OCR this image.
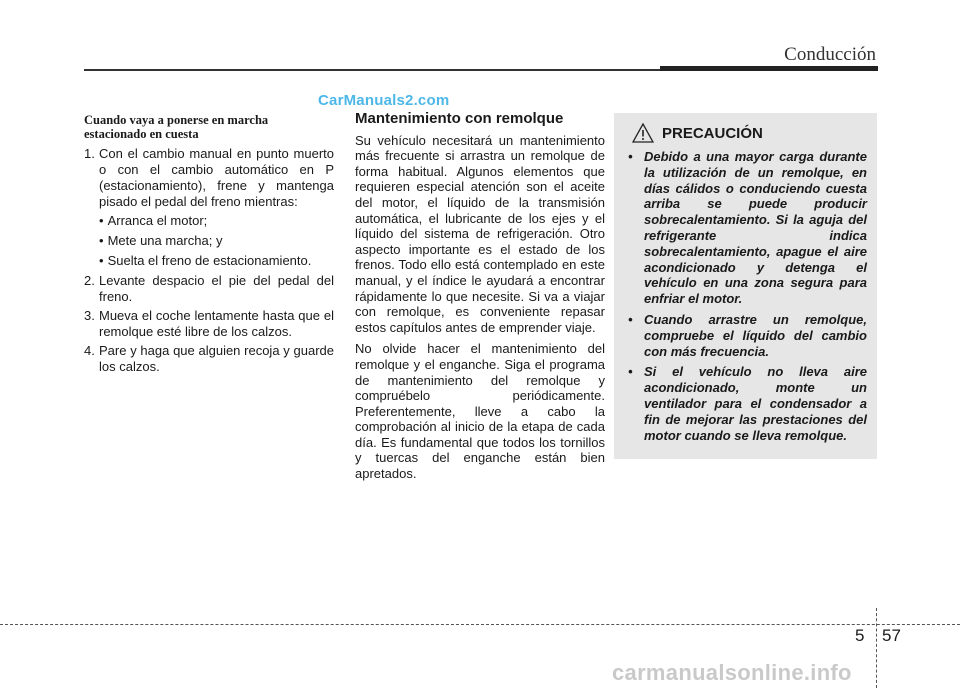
Conducción
CarManuals2.com
Cuando vaya a ponerse en marcha
estacionado en cuesta
1. Con el cambio manual en punto muerto o con el cambio automático en P (estacionamiento), frene y mantenga pisado el pedal del freno mientras:
• Arranca el motor;
• Mete una marcha; y
• Suelta el freno de estacionamiento.
2. Levante despacio el pie del pedal del freno.
3. Mueva el coche lentamente hasta que el remolque esté libre de los calzos.
4. Pare y haga que alguien recoja y guarde los calzos.
Mantenimiento con remolque

Su vehículo necesitará un mantenimiento más frecuente si arrastra un remolque de forma habitual. Algunos elementos que requieren especial atención son el aceite del motor, el líquido de la transmisión automática, el lubricante de los ejes y el líquido del sistema de refrigeración. Otro aspecto importante es el estado de los frenos. Todo ello está contemplado en este manual, y el índice le ayudará a encontrar rápidamente lo que necesite. Si va a viajar con remolque, es conveniente repasar estos capítulos antes de emprender viaje.

No olvide hacer el mantenimiento del remolque y el enganche. Siga el programa de mantenimiento del remolque y compruébelo periódicamente. Preferentemente, lleve a cabo la comprobación al inicio de la etapa de cada día. Es fundamental que todos los tornillos y tuercas del enganche están bien apretados.

PRECAUCIÓN
• Debido a una mayor carga durante la utilización de un remolque, en días cálidos o conduciendo cuesta arriba se puede producir sobrecalentamiento. Si la aguja del refrigerante indica sobrecalentamiento, apague el aire acondicionado y detenga el vehículo en una zona segura para enfriar el motor.
• Cuando arrastre un remolque, compruebe el líquido del cambio con más frecuencia.
• Si el vehículo no lleva aire acondicionado, monte un ventilador para el condensador a fin de mejorar las prestaciones del motor cuando se lleva remolque.
5 57
carmanualsonline.info
